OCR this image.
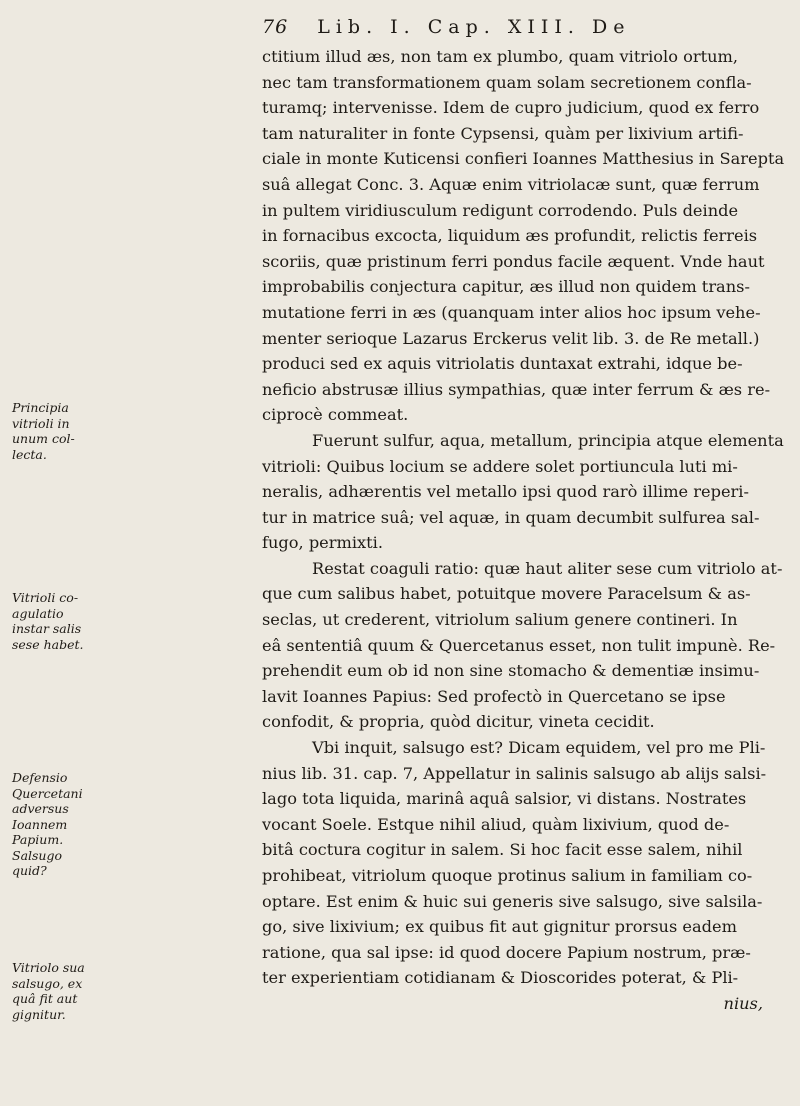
76 Lib. I. Cap. XIII. De
ctitium illud æs, non tam ex plumbo, quam vitriolo ortum,
nec tam transformationem quam solam secretionem confla-
turamq; intervenisse. Idem de cupro judicium, quod ex ferro
tam naturaliter in fonte Cypsensi, quàm per lixivium artifi-
ciale in monte Kuticensi confieri Ioannes Matthesius in Sarepta
suâ allegat Conc. 3. Aquæ enim vitriolacæ sunt, quæ ferrum
in pultem viridiusculum redigunt corrodendo. Puls deinde
in fornacibus excocta, liquidum æs profundit, relictis ferreis
scoriis, quæ pristinum ferri pondus facile æquent. Vnde haut
improbabilis conjectura capitur, æs illud non quidem trans-
mutatione ferri in æs (quanquam inter alios hoc ipsum vehe-
menter serioque Lazarus Erckerus velit lib. 3. de Re metall.)
produci sed ex aquis vitriolatis duntaxat extrahi, idque be-
neficio abstrusæ illius sympathias, quæ inter ferrum & æs re-
ciprocè commeat.
Fuerunt sulfur, aqua, metallum, principia atque elementa
vitrioli: Quibus locium se addere solet portiuncula luti mi-
neralis, adhærentis vel metallo ipsi quod rarò illime reperi-
tur in matrice suâ; vel aquæ, in quam decumbit sulfurea sal-
fugo, permixti.
Restat coaguli ratio: quæ haut aliter sese cum vitriolo at-
que cum salibus habet, potuitque movere Paracelsum & as-
seclas, ut crederent, vitriolum salium genere contineri. In
eâ sententiâ quum & Quercetanus esset, non tulit impunè. Re-
prehendit eum ob id non sine stomacho & dementiæ insimu-
lavit Ioannes Papius: Sed profectò in Quercetano se ipse
confodit, & propria, quòd dicitur, vineta cecidit.
Vbi inquit, salsugo est? Dicam equidem, vel pro me Pli-
nius lib. 31. cap. 7, Appellatur in salinis salsugo ab alijs salsi-
lago tota liquida, marinâ aquâ salsior, vi distans. Nostrates
vocant Soele. Estque nihil aliud, quàm lixivium, quod de-
bitâ coctura cogitur in salem. Si hoc facit esse salem, nihil
prohibeat, vitriolum quoque protinus salium in familiam co-
optare. Est enim & huic sui generis sive salsugo, sive salsila-
go, sive lixivium; ex quibus fit aut gignitur prorsus eadem
ratione, qua sal ipse: id quod docere Papium nostrum, præ-
ter experientiam cotidianam & Dioscorides poterat, & Pli-
nius,
Principia
vitrioli in
unum col-
lecta.
Vitrioli co-
agulatio
instar salis
sese habet.
Defensio
Quercetani
adversus
Ioannem
Papium.
Salsugo
quid?
Vitriolo sua
salsugo, ex
quâ fit aut
gignitur.
